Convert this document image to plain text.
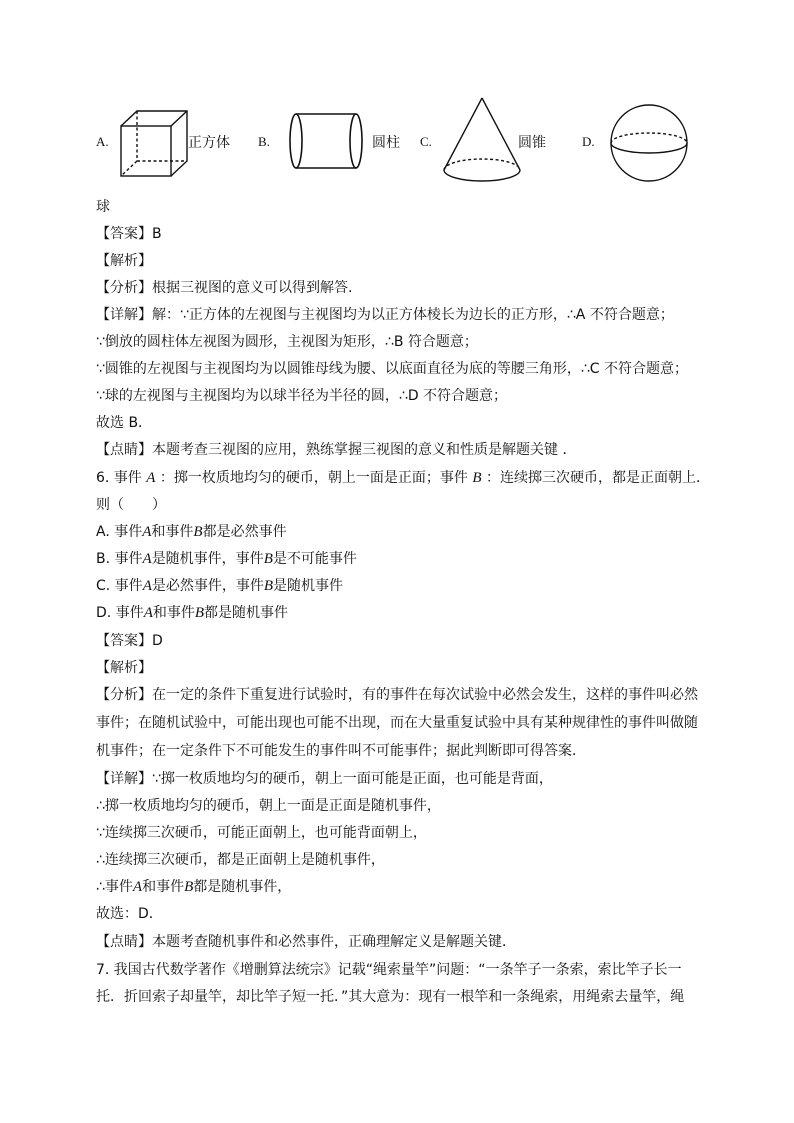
A.	正方体 B.	圆柱 C.	圆锥	D.
球
【答案】B
【解析】
【分析】根据三视图的意义可以得到解答.
【详解】解：∵正方体的左视图与主视图均为以正方体棱长为边长的正方形，∴A 不符合题意；
∵倒放的圆柱体左视图为圆形，主视图为矩形，∴B 符合题意；
∵圆锥的左视图与主视图均为以圆锥母线为腰、以底面直径为底的等腰三角形，∴C 不符合题意；
∵球的左视图与主视图均为以球半径为半径的圆，∴D 不符合题意；
故选 B．
【点睛】本题考查三视图的应用，熟练掌握三视图的意义和性质是解题关键 ．
6. 事件 A ：掷一枚质地均匀的硬币，朝上一面是正面；事件 B ：连续掷三次硬币，都是正面朝上．
则（　　）
A. 事件A和事件B都是必然事件
B. 事件A是随机事件，事件B是不可能事件
C. 事件A是必然事件，事件B是随机事件
D. 事件A和事件B都是随机事件
【答案】D
【解析】
【分析】在一定的条件下重复进行试验时，有的事件在每次试验中必然会发生，这样的事件叫必然
事件；在随机试验中，可能出现也可能不出现，而在大量重复试验中具有某种规律性的事件叫做随
机事件；在一定条件下不可能发生的事件叫不可能事件；据此判断即可得答案．
【详解】∵掷一枚质地均匀的硬币，朝上一面可能是正面，也可能是背面，
∴掷一枚质地均匀的硬币，朝上一面是正面是随机事件，
∵连续掷三次硬币，可能正面朝上，也可能背面朝上，
∴连续掷三次硬币，都是正面朝上是随机事件，
∴事件A和事件B都是随机事件，
故选：D．
【点睛】本题考查随机事件和必然事件，正确理解定义是解题关键．
7. 我国古代数学著作《增删算法统宗》记载“绳索量竿”问题：“一条竿子一条索，索比竿子长一
托．折回索子却量竿，却比竿子短一托．”其大意为：现有一根竿和一条绳索，用绳索去量竿，绳
